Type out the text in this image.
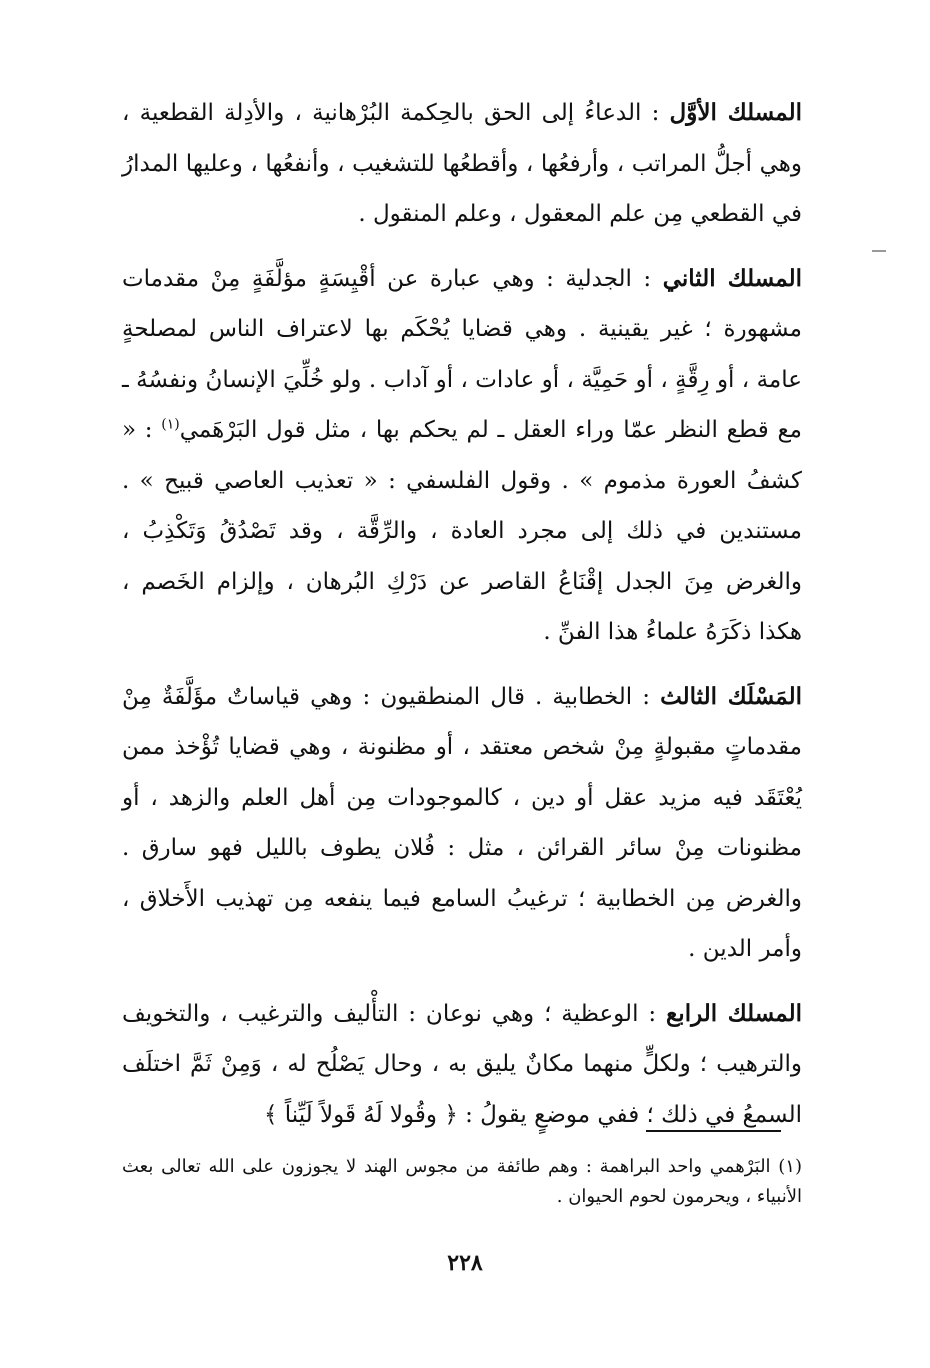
المسلك الأوَّل : الدعاءُ إلى الحق بالحِكمة البُرْهانية ، والأدِلة القطعية ، وهي أجلُّ المراتب ، وأرفعُها ، وأقطعُها للتشغيب ، وأنفعُها ، وعليها المدارُ في القطعي مِن علم المعقول ، وعلم المنقول .

المسلك الثاني : الجدلية : وهي عبارة عن أقْيِسَةٍ مؤلَّفَةٍ مِنْ مقدمات مشهورة ؛ غير يقينية . وهي قضايا يُحْكَم بها لاعتراف الناس لمصلحةٍ عامة ، أو رِقَّةٍ ، أو حَمِيَّة ، أو عادات ، أو آداب . ولو خُلِّيَ الإنسانُ ونفسُهُ ـ مع قطع النظر عمّا وراء العقل ـ لم يحكم بها ، مثل قول البَرْهَمي$^{(١)}$ : « كشفُ العورة مذموم » . وقول الفلسفي : « تعذيب العاصي قبيح » . مستندين في ذلك إلى مجرد العادة ، والرِّقَّة ، وقد تَصْدُقُ وَتَكْذِبُ ، والغرض مِنَ الجدل إقْنَاعُ القاصر عن دَرْكِ البُرهان ، وإلزام الخَصم ، هكذا ذكَرَهُ علماءُ هذا الفنِّ .

المَسْلَك الثالث : الخطابية . قال المنطقيون : وهي قياساتٌ مؤَلَّفَةٌ مِنْ مقدماتٍ مقبولةٍ مِنْ شخص معتقد ، أو مظنونة ، وهي قضايا تُؤْخذ ممن يُعْتَقَد فيه مزيد عقل أو دين ، كالموجودات مِن أهل العلم والزهد ، أو مظنونات مِنْ سائر القرائن ، مثل : فُلان يطوف بالليل فهو سارق . والغرض مِن الخطابية ؛ ترغيبُ السامع فيما ينفعه مِن تهذيب الأَخلاق ، وأمر الدين .

المسلك الرابع : الوعظية ؛ وهي نوعان : التأْليف والترغيب ، والتخويف والترهيب ؛ ولكلٍّ منهما مكانٌ يليق به ، وحال يَصْلُح له ، وَمِنْ ثَمَّ اختلَف السمعُ في ذلك ؛ ففي موضعٍ يقولُ : ﴿ وقُولا لَهُ قَولاً لَيِّناً ﴾

(١) البَرْهمي واحد البراهمة : وهم طائفة من مجوس الهند لا يجوزون على الله تعالى بعث الأنبياء ، ويحرمون لحوم الحيوان .
٢٢٨
